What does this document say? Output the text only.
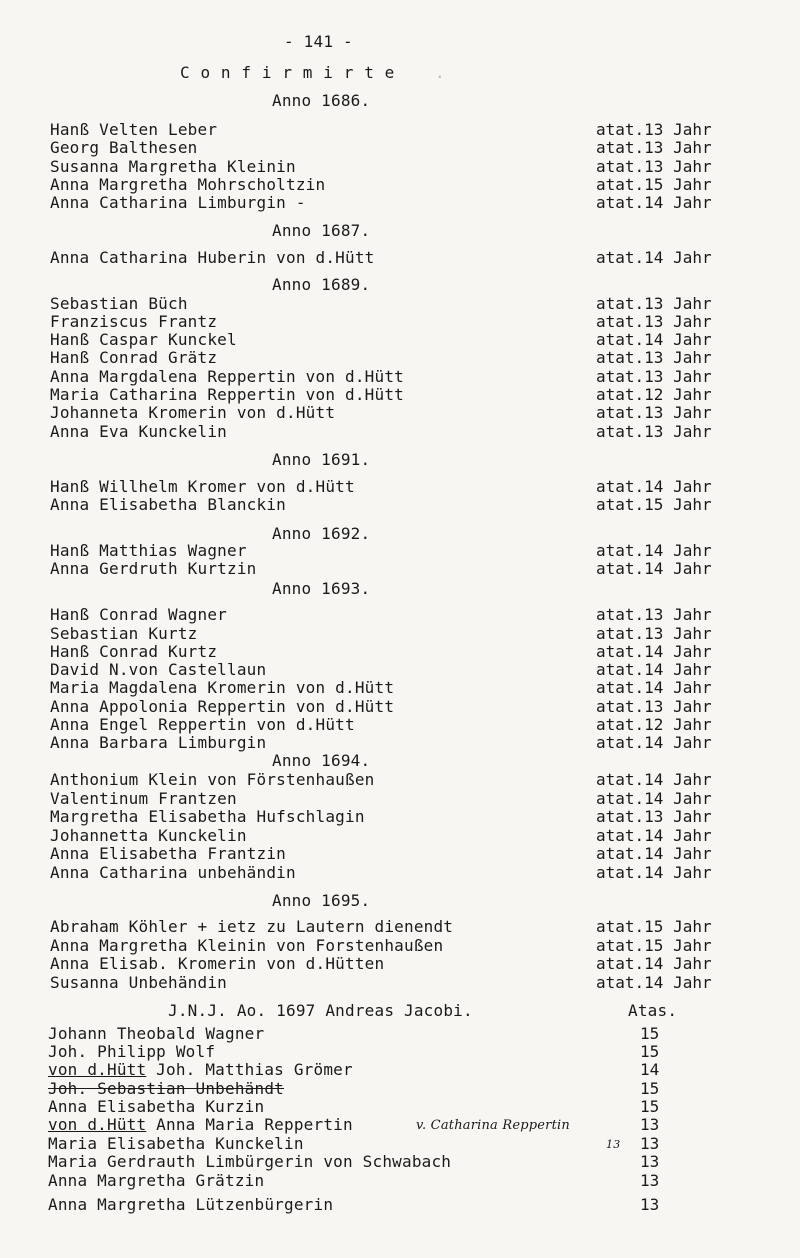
- 141 -
C o n f i r m i r t e	.
Anno 1686.
Hanß Velten Leber	atat.13 Jahr
Georg Balthesen	atat.13 Jahr
Susanna Margretha Kleinin	atat.13 Jahr
Anna Margretha Mohrscholtzin	atat.15 Jahr
Anna Catharina Limburgin -	atat.14 Jahr
Anno 1687.
Anna Catharina Huberin von d.Hütt	atat.14 Jahr
Anno 1689.
Sebastian Büch	atat.13 Jahr
Franziscus Frantz	atat.13 Jahr
Hanß Caspar Kunckel	atat.14 Jahr
Hanß Conrad Grätz	atat.13 Jahr
Anna Margdalena Reppertin von d.Hütt	atat.13 Jahr
Maria Catharina Reppertin von d.Hütt	atat.12 Jahr
Johanneta Kromerin von d.Hütt	atat.13 Jahr
Anna Eva Kunckelin	atat.13 Jahr
Anno 1691.
Hanß Willhelm Kromer von d.Hütt	atat.14 Jahr
Anna Elisabetha Blanckin	atat.15 Jahr
Anno 1692.
Hanß Matthias Wagner	atat.14 Jahr
Anna Gerdruth Kurtzin	atat.14 Jahr
Anno 1693.
Hanß Conrad Wagner	atat.13 Jahr
Sebastian Kurtz	atat.13 Jahr
Hanß Conrad Kurtz	atat.14 Jahr
David N.von Castellaun	atat.14 Jahr
Maria Magdalena Kromerin von d.Hütt	atat.14 Jahr
Anna Appolonia Reppertin von d.Hütt	atat.13 Jahr
Anna Engel Reppertin von d.Hütt	atat.12 Jahr
Anna Barbara Limburgin	atat.14 Jahr
Anno 1694.
Anthonium Klein von Förstenhaußen	atat.14 Jahr
Valentinum Frantzen	atat.14 Jahr
Margretha Elisabetha Hufschlagin	atat.13 Jahr
Johannetta Kunckelin	atat.14 Jahr
Anna Elisabetha Frantzin	atat.14 Jahr
Anna Catharina unbehändin	atat.14 Jahr
Anno 1695.
Abraham Köhler + ietz zu Lautern dienendt	atat.15 Jahr
Anna Margretha Kleinin von Forstenhaußen	atat.15 Jahr
Anna Elisab. Kromerin von d.Hütten	atat.14 Jahr
Susanna Unbehändin	atat.14 Jahr
J.N.J. Ao. 1697 Andreas Jacobi.	Atas.
Johann Theobald Wagner	15
Joh. Philipp Wolf	15
von d.Hütt Joh. Matthias Grömer	14
Joh. Sebastian Unbehändt	15
Anna Elisabetha Kurzin	15
von d.Hütt Anna Maria Reppertin	13
Maria Elisabetha Kunckelin	13
Maria Gerdrauth Limbürgerin von Schwabach	13
Anna Margretha Grätzin	13
Anna Margretha Lützenbürgerin	13
v. Catharina Reppertin
13
